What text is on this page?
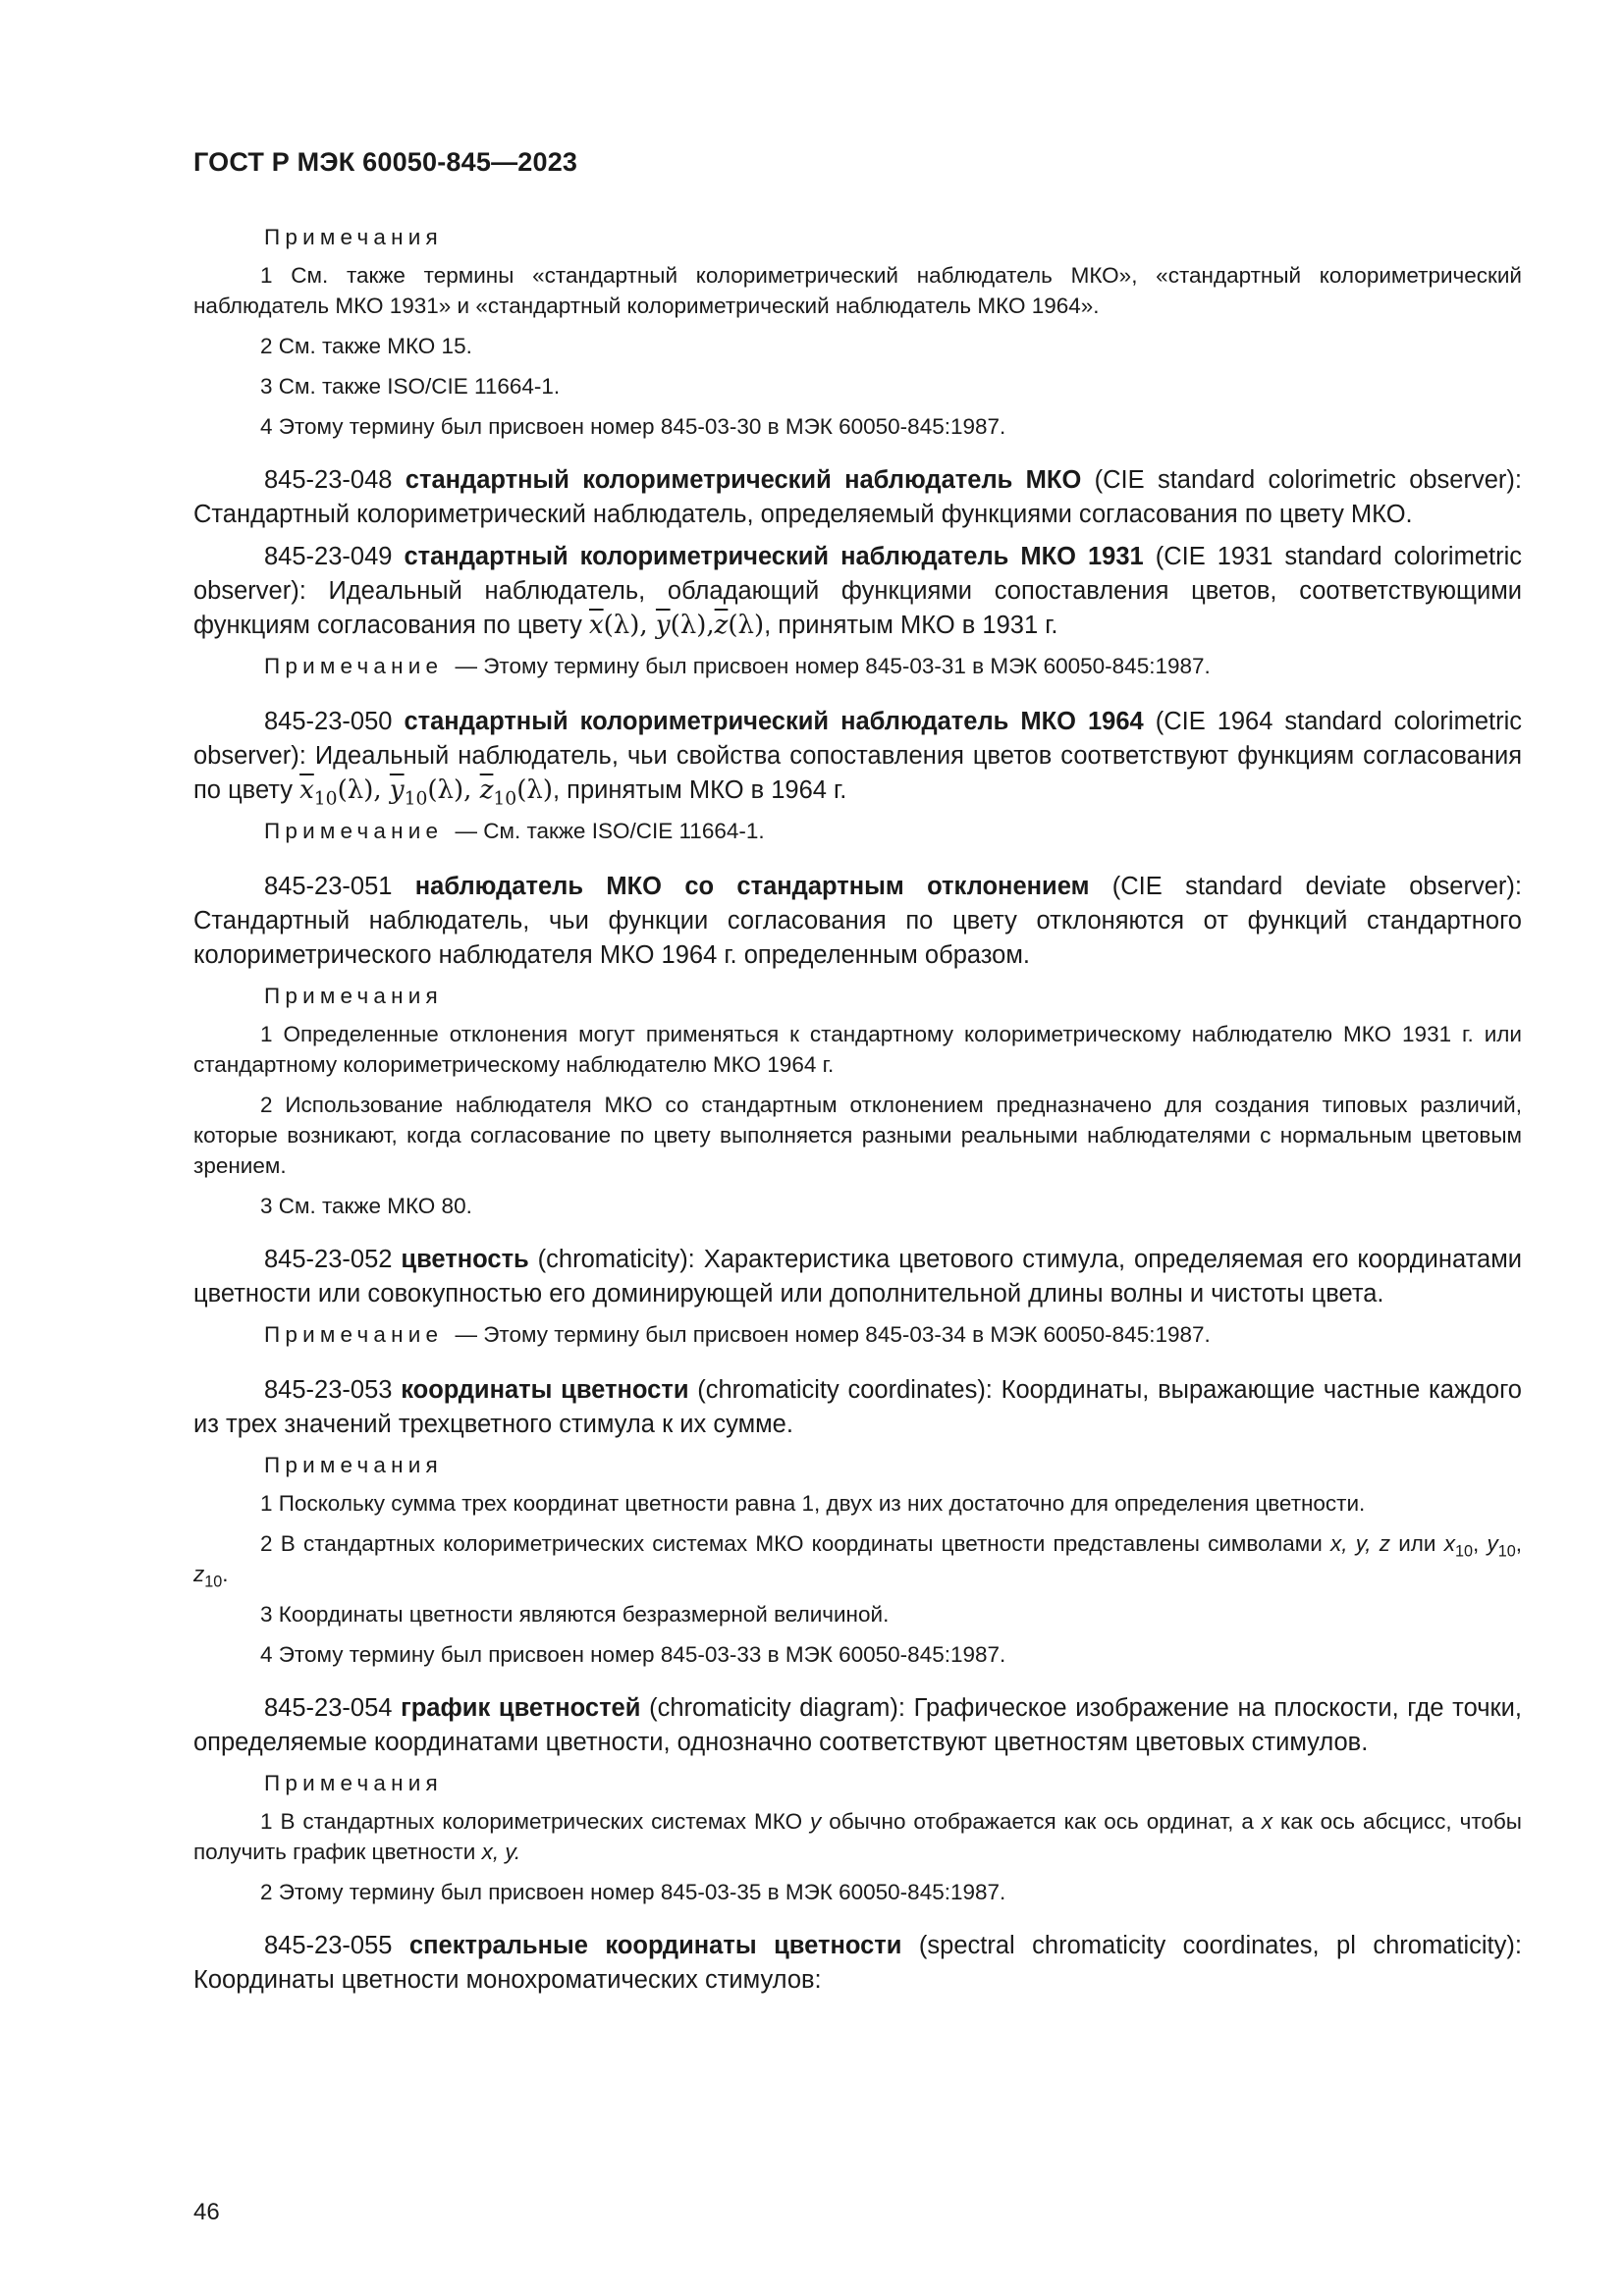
ГОСТ Р МЭК 60050-845—2023

Примечания

1 См. также термины «стандартный колориметрический наблюдатель МКО», «стандартный колориметрический наблюдатель МКО 1931» и «стандартный колориметрический наблюдатель МКО 1964».

2 См. также МКО 15.

3 См. также ISO/CIE 11664-1.

4 Этому термину был присвоен номер 845-03-30 в МЭК 60050-845:1987.

845-23-048 стандартный колориметрический наблюдатель МКО (CIE standard colorimetric observer): Стандартный колориметрический наблюдатель, определяемый функциями согласования по цвету МКО.

845-23-049 стандартный колориметрический наблюдатель МКО 1931 (CIE 1931 standard colorimetric observer): Идеальный наблюдатель, обладающий функциями сопоставления цветов, соответствующими функциям согласования по цвету $\overline{x}(\lambda)$, $\overline{y}(\lambda),\overline{z}(\lambda)$, принятым МКО в 1931 г.

Примечание — Этому термину был присвоен номер 845-03-31 в МЭК 60050-845:1987.

845-23-050 стандартный колориметрический наблюдатель МКО 1964 (CIE 1964 standard colorimetric observer): Идеальный наблюдатель, чьи свойства сопоставления цветов соответствуют функциям согласования по цвету $\overline{x}_{10}(\lambda)$, $\overline{y}_{10}(\lambda)$, $\overline{z}_{10}(\lambda)$, принятым МКО в 1964 г.

Примечание — См. также ISO/CIE 11664-1.

845-23-051 наблюдатель МКО со стандартным отклонением (CIE standard deviate observer): Стандартный наблюдатель, чьи функции согласования по цвету отклоняются от функций стандартного колориметрического наблюдателя МКО 1964 г. определенным образом.

Примечания

1 Определенные отклонения могут применяться к стандартному колориметрическому наблюдателю МКО 1931 г. или стандартному колориметрическому наблюдателю МКО 1964 г.

2 Использование наблюдателя МКО со стандартным отклонением предназначено для создания типовых различий, которые возникают, когда согласование по цвету выполняется разными реальными наблюдателями с нормальным цветовым зрением.

3 См. также МКО 80.

845-23-052 цветность (chromaticity): Характеристика цветового стимула, определяемая его координатами цветности или совокупностью его доминирующей или дополнительной длины волны и чистоты цвета.

Примечание — Этому термину был присвоен номер 845-03-34 в МЭК 60050-845:1987.

845-23-053 координаты цветности (chromaticity coordinates): Координаты, выражающие частные каждого из трех значений трехцветного стимула к их сумме.

Примечания

1 Поскольку сумма трех координат цветности равна 1, двух из них достаточно для определения цветности.

2 В стандартных колориметрических системах МКО координаты цветности представлены символами x, y, z или $x_{10}$, $y_{10}$, $z_{10}$.

3 Координаты цветности являются безразмерной величиной.

4 Этому термину был присвоен номер 845-03-33 в МЭК 60050-845:1987.

845-23-054 график цветностей (chromaticity diagram): Графическое изображение на плоскости, где точки, определяемые координатами цветности, однозначно соответствуют цветностям цветовых стимулов.

Примечания

1 В стандартных колориметрических системах МКО y обычно отображается как ось ординат, а x как ось абсцисс, чтобы получить график цветности x, y.

2 Этому термину был присвоен номер 845-03-35 в МЭК 60050-845:1987.

845-23-055 спектральные координаты цветности (spectral chromaticity coordinates, pl chromaticity): Координаты цветности монохроматических стимулов:

46
